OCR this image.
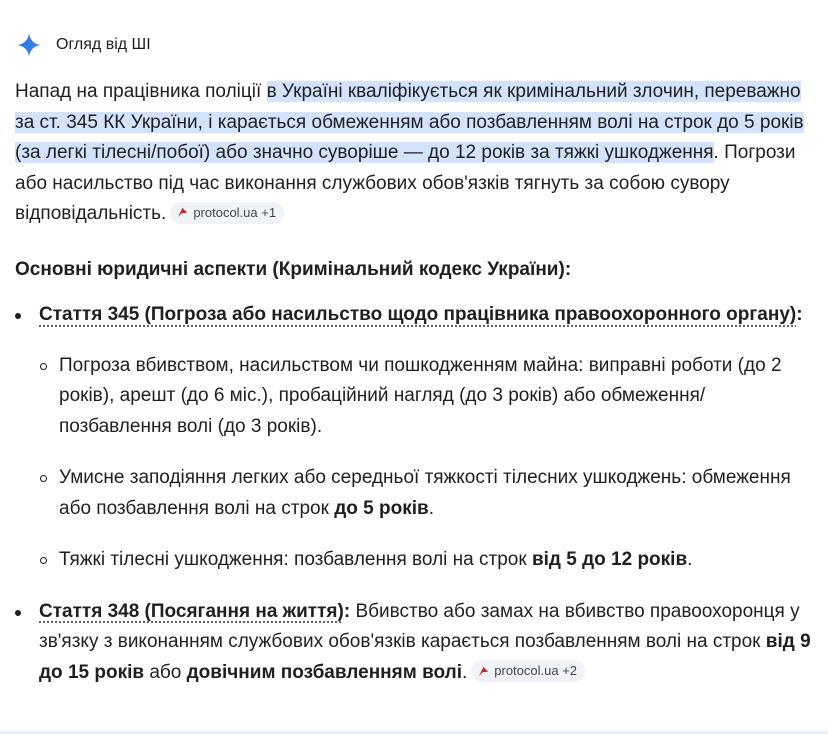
Огляд від ШІ
Напад на працівника поліції в Україні кваліфікується як кримінальний злочин, переважно за ст. 345 КК України, і карається обмеженням або позбавленням волі на строк до 5 років (за легкі тілесні/побої) або значно суворіше — до 12 років за тяжкі ушкодження. Погрози або насильство під час виконання службових обов'язків тягнуть за собою сувору відповідальність. protocol.ua
+1
Основні юридичні аспекти (Кримінальний кодекс України):
Стаття 345 (Погроза або насильство щодо працівника правоохоронного органу):
Погроза вбивством, насильством чи пошкодженням майна: виправні роботи (до 2 років), арешт (до 6 міс.), пробаційний нагляд (до 3 років) або обмеження/позбавлення волі (до 3 років).
Умисне заподіяння легких або середньої тяжкості тілесних ушкоджень: обмеження або позбавлення волі на строк до 5 років.
Тяжкі тілесні ушкодження: позбавлення волі на строк від 5 до 12 років.
Стаття 348 (Посягання на життя): Вбивство або замах на вбивство правоохоронця у зв'язку з виконанням службових обов'язків карається позбавленням волі на строк від 9 до 15 років або довічним позбавленням волі. protocol.ua
+2
